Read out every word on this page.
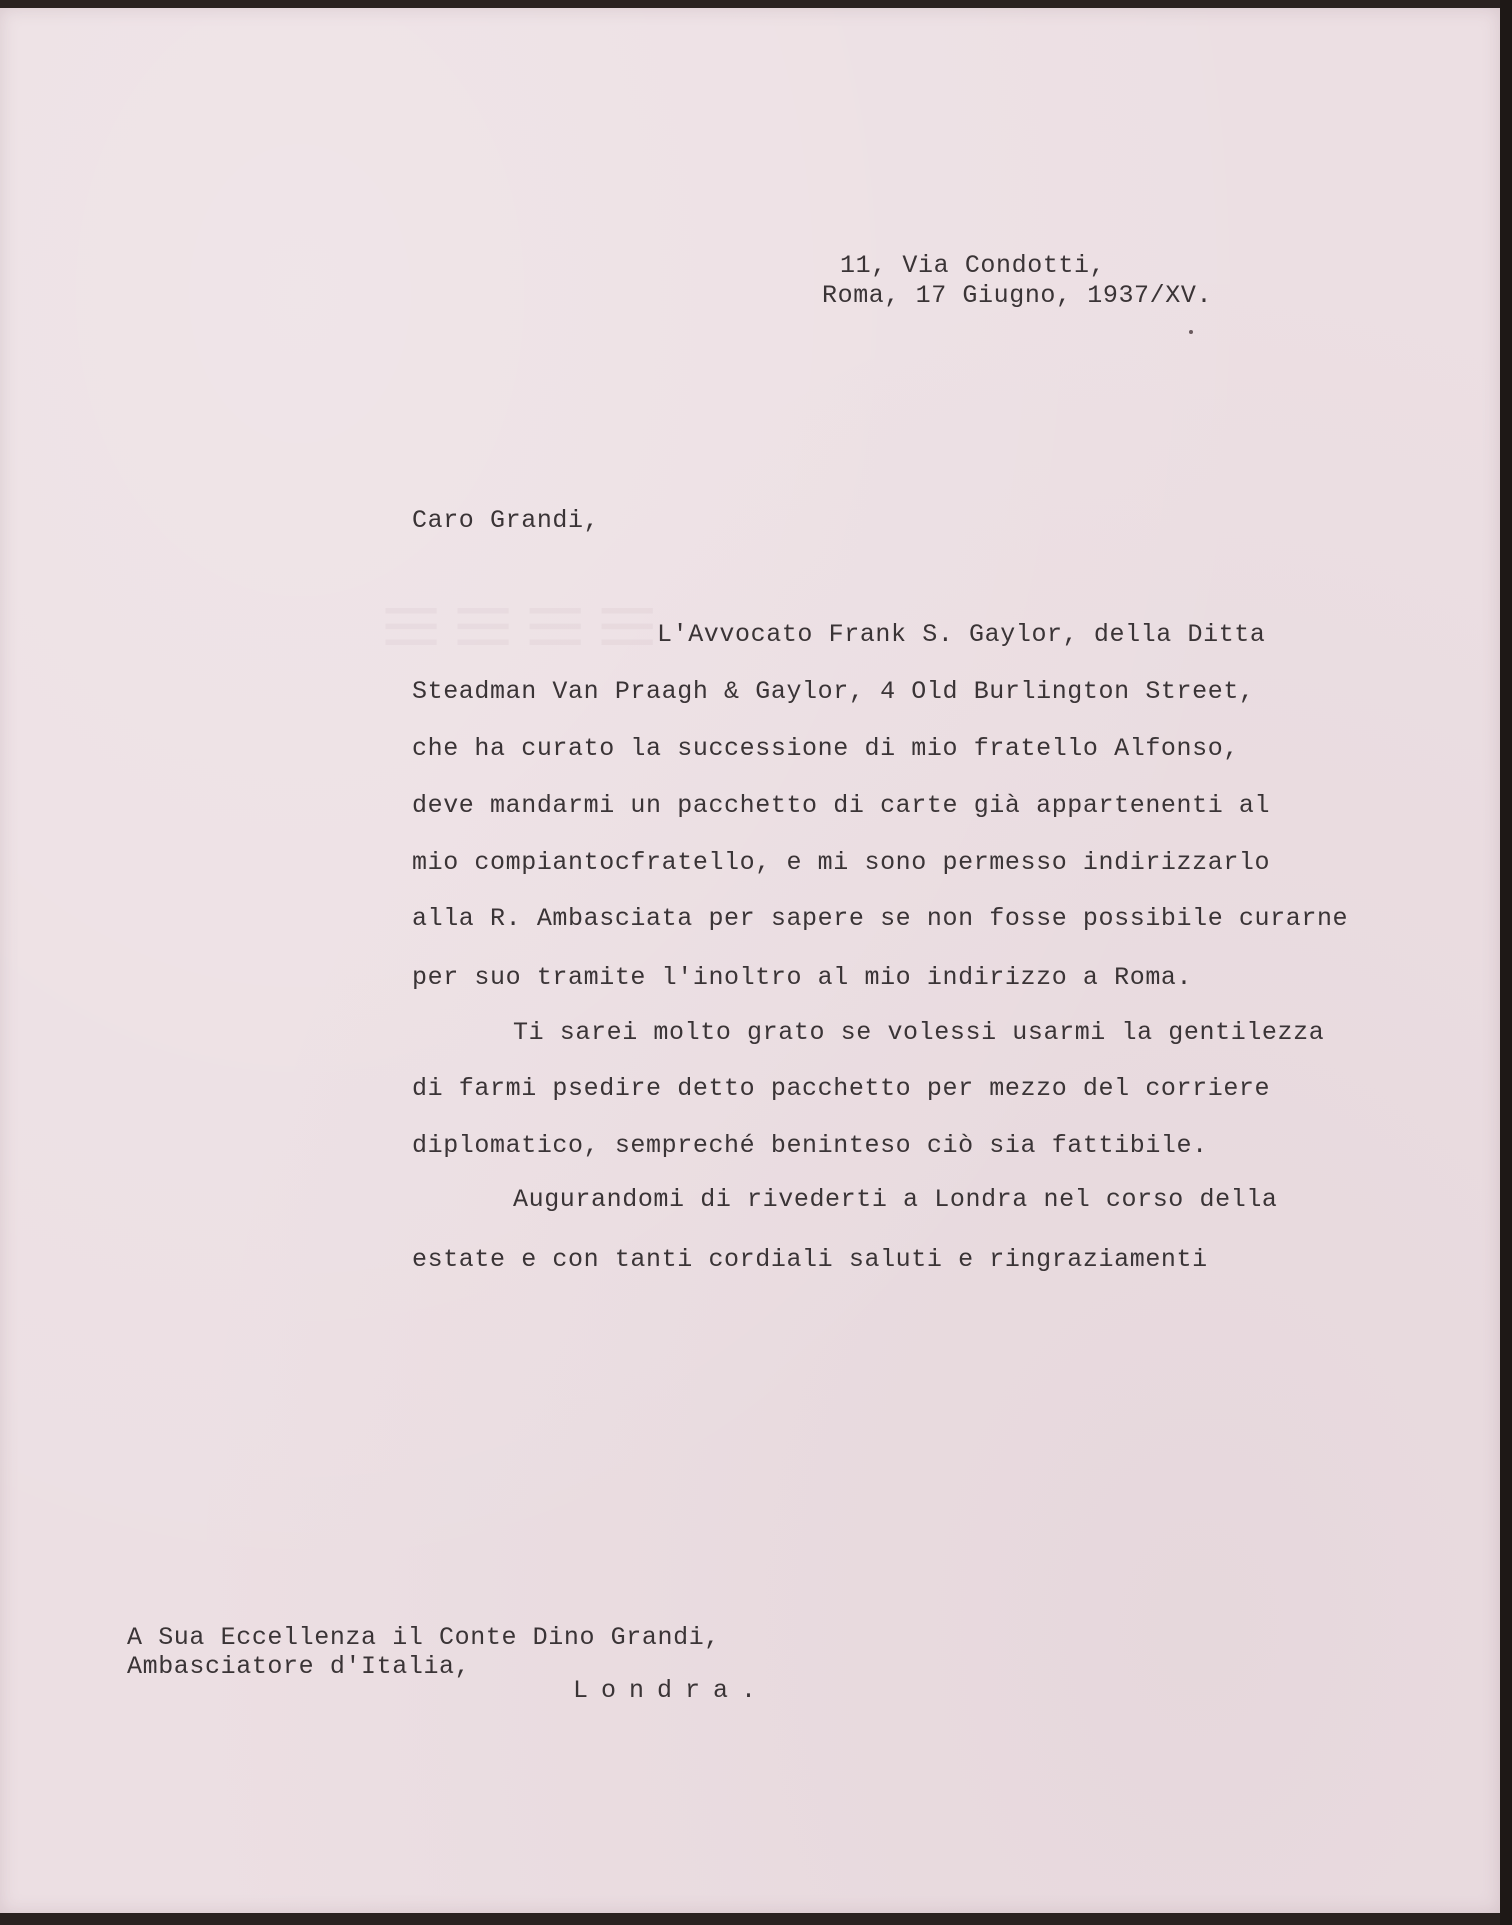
≡≡≡≡

11, Via Condotti,

Roma, 17 Giugno, 1937/XV.

Caro Grandi,

L'Avvocato Frank S. Gaylor, della Ditta

Steadman Van Praagh & Gaylor, 4 Old Burlington Street,

che ha curato la successione di mio fratello Alfonso,

deve mandarmi un pacchetto di carte già appartenenti al

mio compiantocfratello, e mi sono permesso indirizzarlo

alla R. Ambasciata per sapere se non fosse possibile curarne

per suo tramite l'inoltro al mio indirizzo a Roma.

Ti sarei molto grato se volessi usarmi la gentilezza

di farmi psedire detto pacchetto per mezzo del corriere

diplomatico, sempreché beninteso ciò sia fattibile.

Augurandomi di rivederti a Londra nel corso della

estate e con tanti cordiali saluti e ringraziamenti

A Sua Eccellenza il Conte Dino Grandi,

Ambasciatore d'Italia,

Londra.
